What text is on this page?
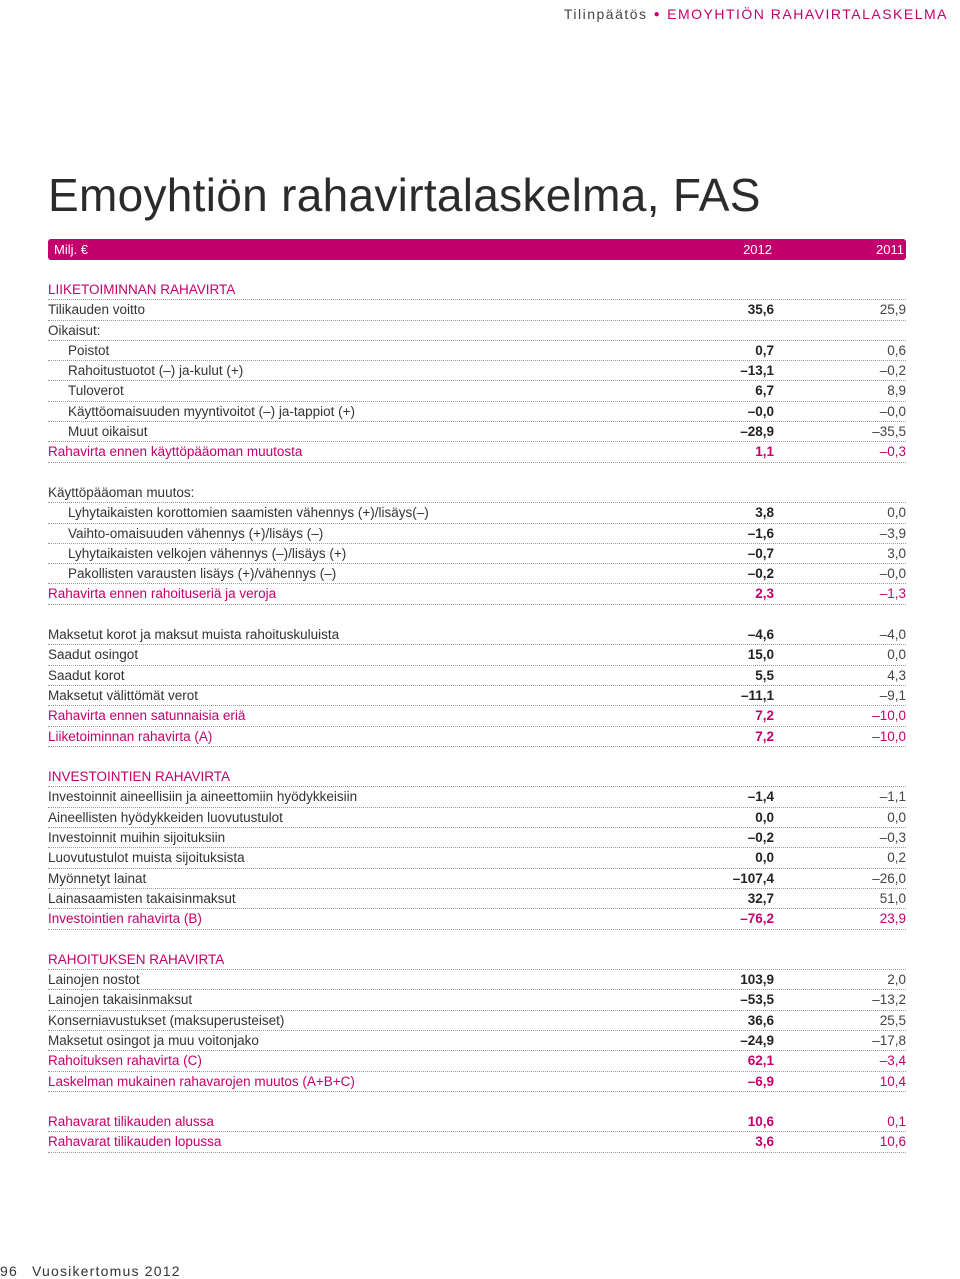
Tilinpäätös ● EMOYHTIÖN RAHAVIRTALASKELMA
Emoyhtiön rahavirtalaskelma, FAS
Milj. €	2012	2011
LIIKETOIMINNAN RAHAVIRTA
Tilikauden voitto	35,6	25,9
Oikaisut:
Poistot	0,7	0,6
Rahoitustuotot (–) ja-kulut (+)	–13,1	–0,2
Tuloverot	6,7	8,9
Käyttöomaisuuden myyntivoitot (–) ja-tappiot (+)	–0,0	–0,0
Muut oikaisut	–28,9	–35,5
Rahavirta ennen käyttöpääoman muutosta	1,1	–0,3
Käyttöpääoman muutos:
Lyhytaikaisten korottomien saamisten vähennys (+)/lisäys(–)	3,8	0,0
Vaihto-omaisuuden vähennys (+)/lisäys (–)	–1,6	–3,9
Lyhytaikaisten velkojen vähennys (–)/lisäys (+)	–0,7	3,0
Pakollisten varausten lisäys (+)/vähennys (–)	–0,2	–0,0
Rahavirta ennen rahoituseriä ja veroja	2,3	–1,3
Maksetut korot ja maksut muista rahoituskuluista	–4,6	–4,0
Saadut osingot	15,0	0,0
Saadut korot	5,5	4,3
Maksetut välittömät verot	–11,1	–9,1
Rahavirta ennen satunnaisia eriä	7,2	–10,0
Liiketoiminnan rahavirta (A)	7,2	–10,0
INVESTOINTIEN RAHAVIRTA
Investoinnit aineellisiin ja aineettomiin hyödykkeisiin	–1,4	–1,1
Aineellisten hyödykkeiden luovutustulot	0,0	0,0
Investoinnit muihin sijoituksiin	–0,2	–0,3
Luovutustulot muista sijoituksista	0,0	0,2
Myönnetyt lainat	–107,4	–26,0
Lainasaamisten takaisinmaksut	32,7	51,0
Investointien rahavirta (B)	–76,2	23,9
RAHOITUKSEN RAHAVIRTA
Lainojen nostot	103,9	2,0
Lainojen takaisinmaksut	–53,5	–13,2
Konserniavustukset (maksuperusteiset)	36,6	25,5
Maksetut osingot ja muu voitonjako	–24,9	–17,8
Rahoituksen rahavirta (C)	62,1	–3,4
Laskelman mukainen rahavarojen muutos (A+B+C)	–6,9	10,4
Rahavarat tilikauden alussa	10,6	0,1
Rahavarat tilikauden lopussa	3,6	10,6
96 Vuosikertomus 2012
